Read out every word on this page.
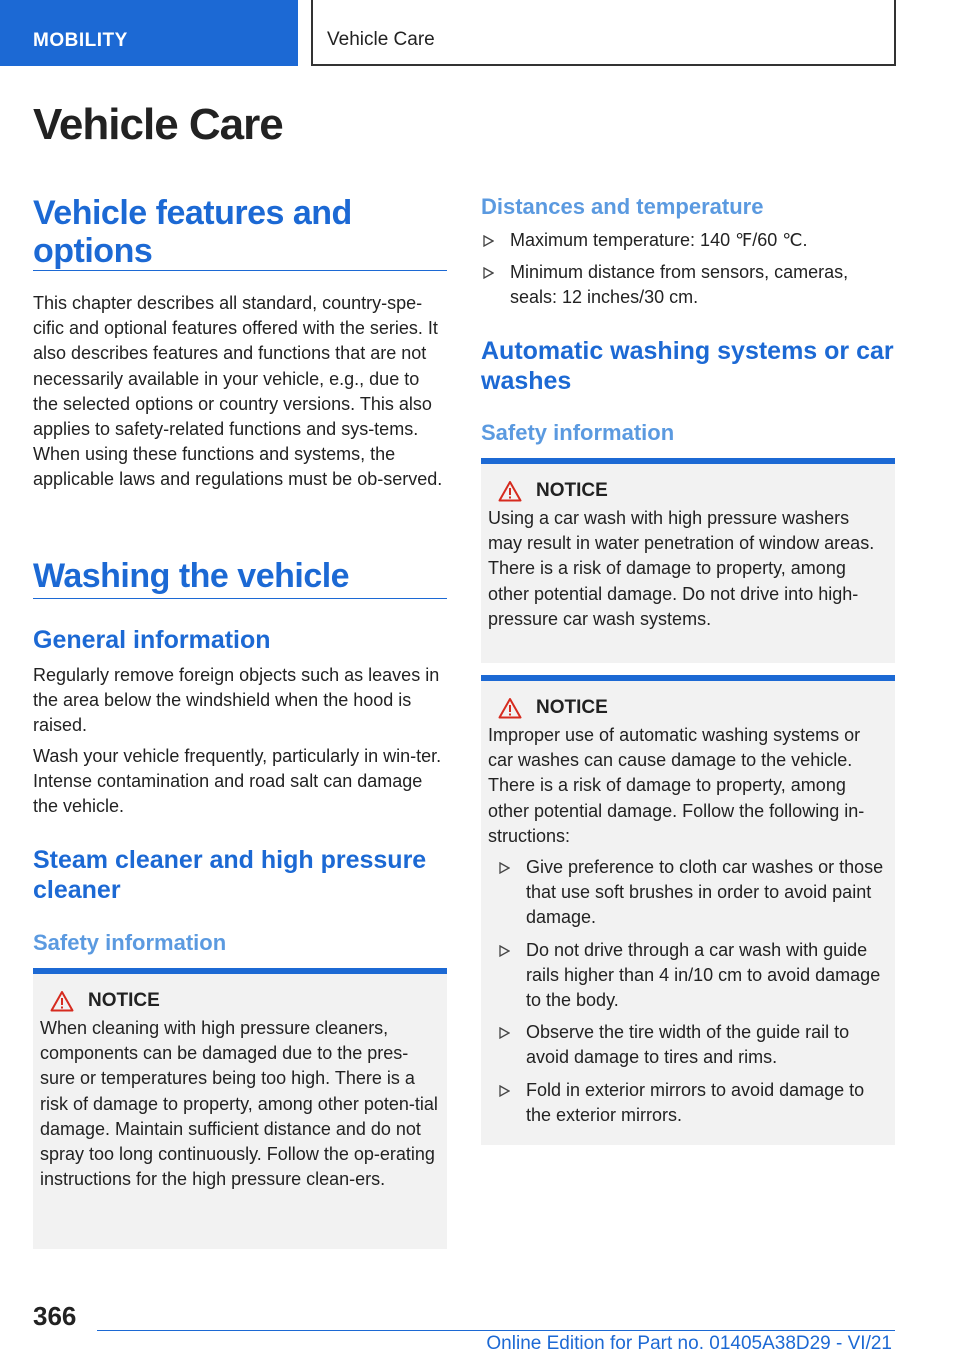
MOBILITY	Vehicle Care
Vehicle Care
Vehicle features and options

This chapter describes all standard, country-spe-cific and optional features offered with the series. It also describes features and functions that are not necessarily available in your vehicle, e.g., due to the selected options or country versions. This also applies to safety-related functions and sys-tems. When using these functions and systems, the applicable laws and regulations must be ob-served.

Washing the vehicle
General information

Regularly remove foreign objects such as leaves in the area below the windshield when the hood is raised.

Wash your vehicle frequently, particularly in win-ter. Intense contamination and road salt can damage the vehicle.

Steam cleaner and high pressure cleaner
Safety information
NOTICE

When cleaning with high pressure cleaners, components can be damaged due to the pres-sure or temperatures being too high. There is a risk of damage to property, among other poten-tial damage. Maintain sufficient distance and do not spray too long continuously. Follow the op-erating instructions for the high pressure clean-ers.

Distances and temperature
Maximum temperature: 140 ℉/60 ℃.
Minimum distance from sensors, cameras, seals: 12 inches/30 cm.
Automatic washing systems or car washes
Safety information
NOTICE

Using a car wash with high pressure washers may result in water penetration of window areas. There is a risk of damage to property, among other potential damage. Do not drive into high-pressure car wash systems.

NOTICE

Improper use of automatic washing systems or car washes can cause damage to the vehicle. There is a risk of damage to property, among other potential damage. Follow the following in-structions:

Give preference to cloth car washes or those that use soft brushes in order to avoid paint damage.
Do not drive through a car wash with guide rails higher than 4 in/10 cm to avoid damage to the body.
Observe the tire width of the guide rail to avoid damage to tires and rims.
Fold in exterior mirrors to avoid damage to the exterior mirrors.
366
Online Edition for Part no. 01405A38D29 - VI/21
